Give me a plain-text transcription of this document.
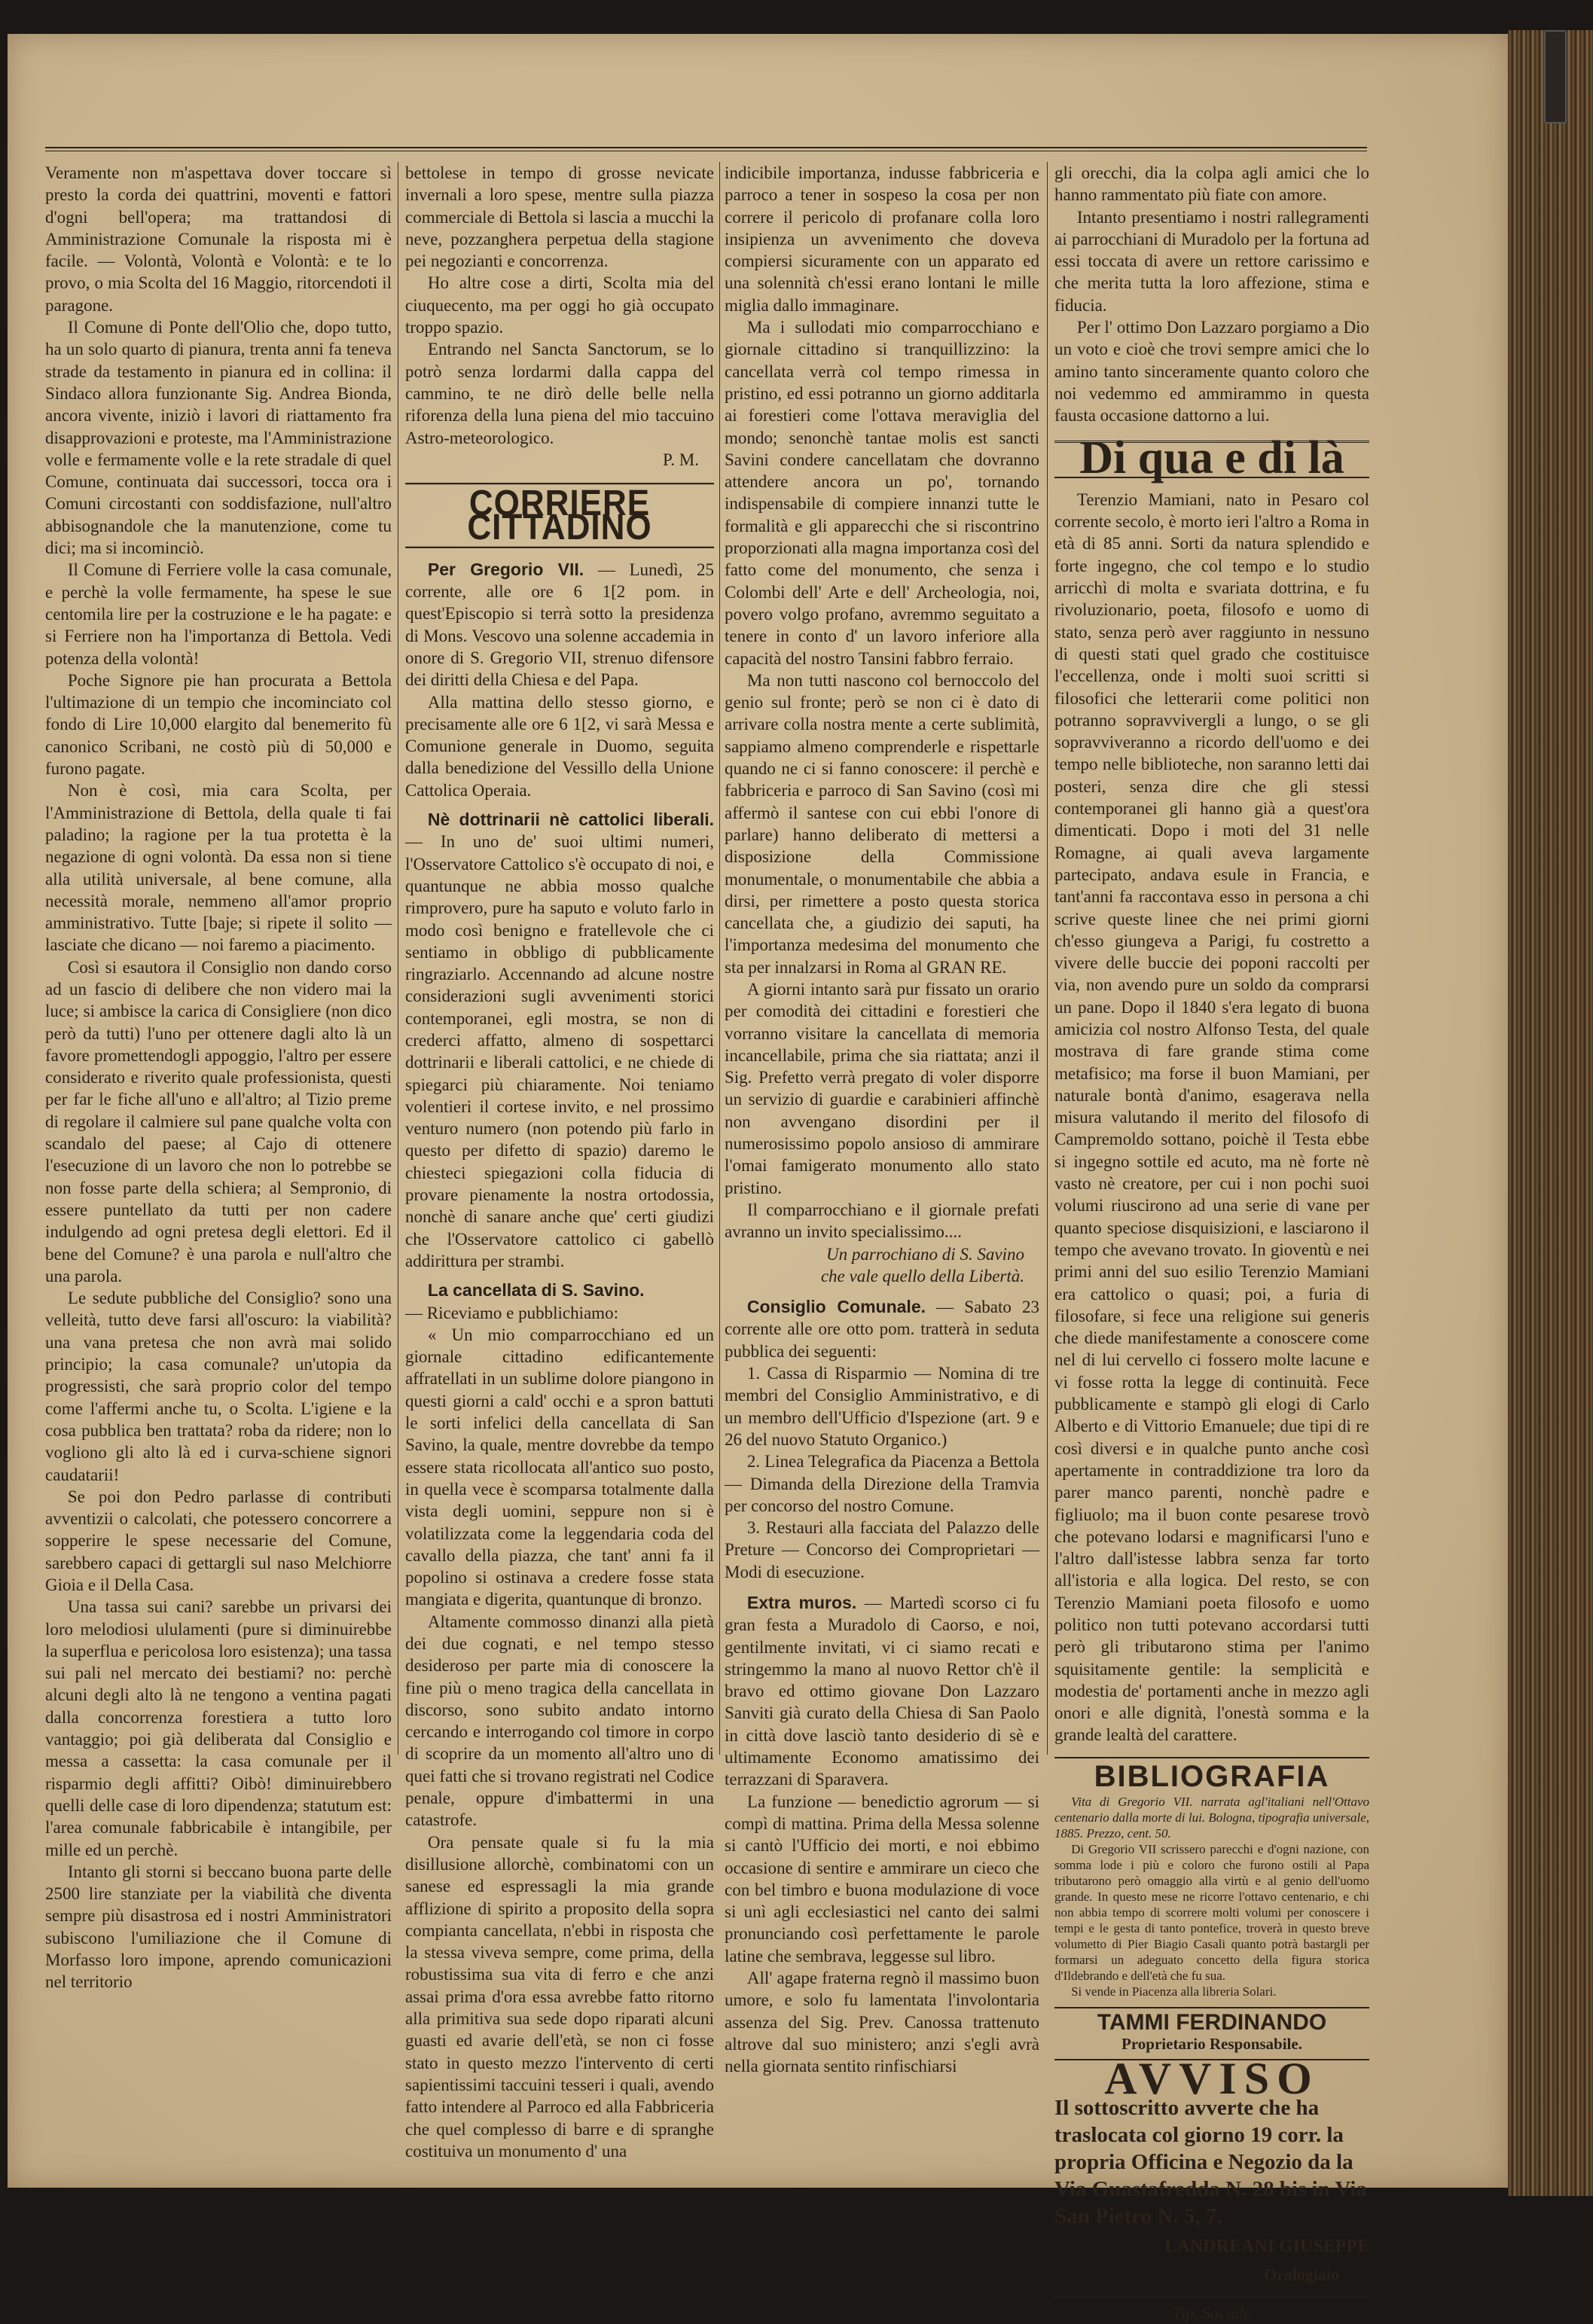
Veramente non m'aspettava dover toccare sì presto la corda dei quattrini, moventi e fattori d'ogni bell'opera; ma trattandosi di Amministrazione Comunale la risposta mi è facile. — Volontà, Volontà e Volontà: e te lo provo, o mia Scolta del 16 Maggio, ritorcendoti il paragone.

Il Comune di Ponte dell'Olio che, dopo tutto, ha un solo quarto di pianura, trenta anni fa teneva strade da testamento in pianura ed in collina: il Sindaco allora funzionante Sig. Andrea Bionda, ancora vivente, iniziò i lavori di riattamento fra disapprovazioni e proteste, ma l'Amministrazione volle e fermamente volle e la rete stradale di quel Comune, continuata dai successori, tocca ora i Comuni circostanti con soddisfazione, null'altro abbisognandole che la manutenzione, come tu dici; ma si incominciò.

Il Comune di Ferriere volle la casa comunale, e perchè la volle fermamente, ha spese le sue centomila lire per la costruzione e le ha pagate: e si Ferriere non ha l'importanza di Bettola. Vedi potenza della volontà!

Poche Signore pie han procurata a Bettola l'ultimazione di un tempio che incominciato col fondo di Lire 10,000 elargito dal benemerito fù canonico Scribani, ne costò più di 50,000 e furono pagate.

Non è così, mia cara Scolta, per l'Amministrazione di Bettola, della quale ti fai paladino; la ragione per la tua protetta è la negazione di ogni volontà. Da essa non si tiene alla utilità universale, al bene comune, alla necessità morale, nemmeno all'amor proprio amministrativo. Tutte [baje; si ripete il solito — lasciate che dicano — noi faremo a piacimento.

Così si esautora il Consiglio non dando corso ad un fascio di delibere che non videro mai la luce; si ambisce la carica di Consigliere (non dico però da tutti) l'uno per ottenere dagli alto là un favore promettendogli appoggio, l'altro per essere considerato e riverito quale professionista, questi per far le fiche all'uno e all'altro; al Tizio preme di regolare il calmiere sul pane qualche volta con scandalo del paese; al Cajo di ottenere l'esecuzione di un lavoro che non lo potrebbe se non fosse parte della schiera; al Sempronio, di essere puntellato da tutti per non cadere indulgendo ad ogni pretesa degli elettori. Ed il bene del Comune? è una parola e null'altro che una parola.

Le sedute pubbliche del Consiglio? sono una velleità, tutto deve farsi all'oscuro: la viabilità? una vana pretesa che non avrà mai solido principio; la casa comunale? un'utopia da progressisti, che sarà proprio color del tempo come l'affermi anche tu, o Scolta. L'igiene e la cosa pubblica ben trattata? roba da ridere; non lo vogliono gli alto là ed i curva-schiene signori caudatarii!

Se poi don Pedro parlasse di contributi avventizii o calcolati, che potessero concorrere a sopperire le spese necessarie del Comune, sarebbero capaci di gettargli sul naso Melchiorre Gioia e il Della Casa.

Una tassa sui cani? sarebbe un privarsi dei loro melodiosi ululamenti (pure si diminuirebbe la superflua e pericolosa loro esistenza); una tassa sui pali nel mercato dei bestiami? no: perchè alcuni degli alto là ne tengono a ventina pagati dalla concorrenza forestiera a tutto loro vantaggio; poi già deliberata dal Consiglio e messa a cassetta: la casa comunale per il risparmio degli affitti? Oibò! diminuirebbero quelli delle case di loro dipendenza; statutum est: l'area comunale fabbricabile è intangibile, per mille ed un perchè.

Intanto gli storni si beccano buona parte delle 2500 lire stanziate per la viabilità che diventa sempre più disastrosa ed i nostri Amministratori subiscono l'umiliazione che il Comune di Morfasso loro impone, aprendo comunicazioni nel territorio

bettolese in tempo di grosse nevicate invernali a loro spese, mentre sulla piazza commerciale di Bettola si lascia a mucchi la neve, pozzanghera perpetua della stagione pei negozianti e concorrenza.

Ho altre cose a dirti, Scolta mia del ciuquecento, ma per oggi ho già occupato troppo spazio.

Entrando nel Sancta Sanctorum, se lo potrò senza lordarmi dalla cappa del cammino, te ne dirò delle belle nella riforenza della luna piena del mio taccuino Astro-meteorologico.

P. M.
CORRIERE CITTADINO

Per Gregorio VII. — Lunedì, 25 corrente, alle ore 6 1[2 pom. in quest'Episcopio si terrà sotto la presidenza di Mons. Vescovo una solenne accademia in onore di S. Gregorio VII, strenuo difensore dei diritti della Chiesa e del Papa.

Alla mattina dello stesso giorno, e precisamente alle ore 6 1[2, vi sarà Messa e Comunione generale in Duomo, seguita dalla benedizione del Vessillo della Unione Cattolica Operaia.

Nè dottrinarii nè cattolici liberali. — In uno de' suoi ultimi numeri, l'Osservatore Cattolico s'è occupato di noi, e quantunque ne abbia mosso qualche rimprovero, pure ha saputo e voluto farlo in modo così benigno e fratellevole che ci sentiamo in obbligo di pubblicamente ringraziarlo. Accennando ad alcune nostre considerazioni sugli avvenimenti storici contemporanei, egli mostra, se non di crederci affatto, almeno di sospettarci dottrinarii e liberali cattolici, e ne chiede di spiegarci più chiaramente. Noi teniamo volentieri il cortese invito, e nel prossimo venturo numero (non potendo più farlo in questo per difetto di spazio) daremo le chiesteci spiegazioni colla fiducia di provare pienamente la nostra ortodossia, nonchè di sanare anche que' certi giudizi che l'Osservatore cattolico ci gabellò addirittura per strambi.

La cancellata di S. Savino.

— Riceviamo e pubblichiamo:

« Un mio comparrocchiano ed un giornale cittadino edificantemente affratellati in un sublime dolore piangono in questi giorni a cald' occhi e a spron battuti le sorti infelici della cancellata di San Savino, la quale, mentre dovrebbe da tempo essere stata ricollocata all'antico suo posto, in quella vece è scomparsa totalmente dalla vista degli uomini, seppure non si è volatilizzata come la leggendaria coda del cavallo della piazza, che tant' anni fa il popolino si ostinava a credere fosse stata mangiata e digerita, quantunque di bronzo.

Altamente commosso dinanzi alla pietà dei due cognati, e nel tempo stesso desideroso per parte mia di conoscere la fine più o meno tragica della cancellata in discorso, sono subito andato intorno cercando e interrogando col timore in corpo di scoprire da un momento all'altro uno di quei fatti che si trovano registrati nel Codice penale, oppure d'imbattermi in una catastrofe.

Ora pensate quale si fu la mia disillusione allorchè, combinatomi con un sanese ed espressagli la mia grande afflizione di spirito a proposito della sopra compianta cancellata, n'ebbi in risposta che la stessa viveva sempre, come prima, della robustissima sua vita di ferro e che anzi assai prima d'ora essa avrebbe fatto ritorno alla primitiva sua sede dopo riparati alcuni guasti ed avarie dell'età, se non ci fosse stato in questo mezzo l'intervento di certi sapientissimi taccuini tesseri i quali, avendo fatto intendere al Parroco ed alla Fabbriceria che quel complesso di barre e di spranghe costituiva un monumento d' una

indicibile importanza, indusse fabbriceria e parroco a tener in sospeso la cosa per non correre il pericolo di profanare colla loro insipienza un avvenimento che doveva compiersi sicuramente con un apparato ed una solennità ch'essi erano lontani le mille miglia dallo immaginare.

Ma i sullodati mio comparrocchiano e giornale cittadino si tranquillizzino: la cancellata verrà col tempo rimessa in pristino, ed essi potranno un giorno additarla ai forestieri come l'ottava meraviglia del mondo; senonchè tantae molis est sancti Savini condere cancellatam che dovranno attendere ancora un po', tornando indispensabile di compiere innanzi tutte le formalità e gli apparecchi che si riscontrino proporzionati alla magna importanza così del fatto come del monumento, che senza i Colombi dell' Arte e dell' Archeologia, noi, povero volgo profano, avremmo seguitato a tenere in conto d' un lavoro inferiore alla capacità del nostro Tansini fabbro ferraio.

Ma non tutti nascono col bernoccolo del genio sul fronte; però se non ci è dato di arrivare colla nostra mente a certe sublimità, sappiamo almeno comprenderle e rispettarle quando ne ci si fanno conoscere: il perchè e fabbriceria e parroco di San Savino (così mi affermò il santese con cui ebbi l'onore di parlare) hanno deliberato di mettersi a disposizione della Commissione monumentale, o monumentabile che abbia a dirsi, per rimettere a posto questa storica cancellata che, a giudizio dei saputi, ha l'importanza medesima del monumento che sta per innalzarsi in Roma al GRAN RE.

A giorni intanto sarà pur fissato un orario per comodità dei cittadini e forestieri che vorranno visitare la cancellata di memoria incancellabile, prima che sia riattata; anzi il Sig. Prefetto verrà pregato di voler disporre un servizio di guardie e carabinieri affinchè non avvengano disordini per il numerosissimo popolo ansioso di ammirare l'omai famigerato monumento allo stato pristino.

Il comparrocchiano e il giornale prefati avranno un invito specialissimo....

Un parrochiano di S. Savino
che vale quello della Libertà.

Consiglio Comunale. — Sabato 23 corrente alle ore otto pom. tratterà in seduta pubblica dei seguenti:

1. Cassa di Risparmio — Nomina di tre membri del Consiglio Amministrativo, e di un membro dell'Ufficio d'Ispezione (art. 9 e 26 del nuovo Statuto Organico.)

2. Linea Telegrafica da Piacenza a Bettola — Dimanda della Direzione della Tramvia per concorso del nostro Comune.

3. Restauri alla facciata del Palazzo delle Preture — Concorso dei Comproprietari — Modi di esecuzione.

Extra muros. — Martedì scorso ci fu gran festa a Muradolo di Caorso, e noi, gentilmente invitati, vi ci siamo recati e stringemmo la mano al nuovo Rettor ch'è il bravo ed ottimo giovane Don Lazzaro Sanviti già curato della Chiesa di San Paolo in città dove lasciò tanto desiderio di sè e ultimamente Economo amatissimo dei terrazzani di Sparavera.

La funzione — benedictio agrorum — si compì di mattina. Prima della Messa solenne si cantò l'Ufficio dei morti, e noi ebbimo occasione di sentire e ammirare un cieco che con bel timbro e buona modulazione di voce si unì agli ecclesiastici nel canto dei salmi pronunciando così perfettamente le parole latine che sembrava, leggesse sul libro.

All' agape fraterna regnò il massimo buon umore, e solo fu lamentata l'involontaria assenza del Sig. Prev. Canossa trattenuto altrove dal suo ministero; anzi s'egli avrà nella giornata sentito rinfischiarsi

gli orecchi, dia la colpa agli amici che lo hanno rammentato più fiate con amore.

Intanto presentiamo i nostri rallegramenti ai parrocchiani di Muradolo per la fortuna ad essi toccata di avere un rettore carissimo e che merita tutta la loro affezione, stima e fiducia.

Per l' ottimo Don Lazzaro porgiamo a Dio un voto e cioè che trovi sempre amici che lo amino tanto sinceramente quanto coloro che noi vedemmo ed ammirammo in questa fausta occasione dattorno a lui.

Di qua e di là

Terenzio Mamiani, nato in Pesaro col corrente secolo, è morto ieri l'altro a Roma in età di 85 anni. Sorti da natura splendido e forte ingegno, che col tempo e lo studio arricchì di molta e svariata dottrina, e fu rivoluzionario, poeta, filosofo e uomo di stato, senza però aver raggiunto in nessuno di questi stati quel grado che costituisce l'eccellenza, onde i molti suoi scritti si filosofici che letterarii come politici non potranno sopravvivergli a lungo, o se gli sopravviveranno a ricordo dell'uomo e dei tempo nelle biblioteche, non saranno letti dai posteri, senza dire che gli stessi contemporanei gli hanno già a quest'ora dimenticati. Dopo i moti del 31 nelle Romagne, ai quali aveva largamente partecipato, andava esule in Francia, e tant'anni fa raccontava esso in persona a chi scrive queste linee che nei primi giorni ch'esso giungeva a Parigi, fu costretto a vivere delle buccie dei poponi raccolti per via, non avendo pure un soldo da comprarsi un pane. Dopo il 1840 s'era legato di buona amicizia col nostro Alfonso Testa, del quale mostrava di fare grande stima come metafisico; ma forse il buon Mamiani, per naturale bontà d'animo, esagerava nella misura valutando il merito del filosofo di Campremoldo sottano, poichè il Testa ebbe si ingegno sottile ed acuto, ma nè forte nè vasto nè creatore, per cui i non pochi suoi volumi riuscirono ad una serie di vane per quanto speciose disquisizioni, e lasciarono il tempo che avevano trovato. In gioventù e nei primi anni del suo esilio Terenzio Mamiani era cattolico o quasi; poi, a furia di filosofare, si fece una religione sui generis che diede manifestamente a conoscere come nel di lui cervello ci fossero molte lacune e vi fosse rotta la legge di continuità. Fece pubblicamente e stampò gli elogi di Carlo Alberto e di Vittorio Emanuele; due tipi di re così diversi e in qualche punto anche così apertamente in contraddizione tra loro da parer manco parenti, nonchè padre e figliuolo; ma il buon conte pesarese trovò che potevano lodarsi e magnificarsi l'uno e l'altro dall'istesse labbra senza far torto all'istoria e alla logica. Del resto, se con Terenzio Mamiani poeta filosofo e uomo politico non tutti potevano accordarsi tutti però gli tributarono stima per l'animo squisitamente gentile: la semplicità e modestia de' portamenti anche in mezzo agli onori e alle dignità, l'onestà somma e la grande lealtà del carattere.

BIBLIOGRAFIA

Vita di Gregorio VII. narrata agl'italiani nell'Ottavo centenario dalla morte di lui. Bologna, tipografia universale, 1885. Prezzo, cent. 50.

Di Gregorio VII scrissero parecchi e d'ogni nazione, con somma lode i più e coloro che furono ostili al Papa tributarono però omaggio alla virtù e al genio dell'uomo grande. In questo mese ne ricorre l'ottavo centenario, e chi non abbia tempo di scorrere molti volumi per conoscere i tempi e le gesta di tanto pontefice, troverà in questo breve volumetto di Pier Biagio Casali quanto potrà bastargli per formarsi un adeguato concetto della figura storica d'Ildebrando e dell'età che fu sua.

Si vende in Piacenza alla libreria Solari.

TAMMI FERDINANDO
Proprietario Responsabile.
AVVISO
Il sottoscritto avverte che ha traslocata col giorno 19 corr. la propria Officina e Negozio da la Via Guastafredda N. 28 bis in Via San Pietro N. 5, 7.
LANDREANI GIUSEPPE
Orologiaio
Tip. Sociale
